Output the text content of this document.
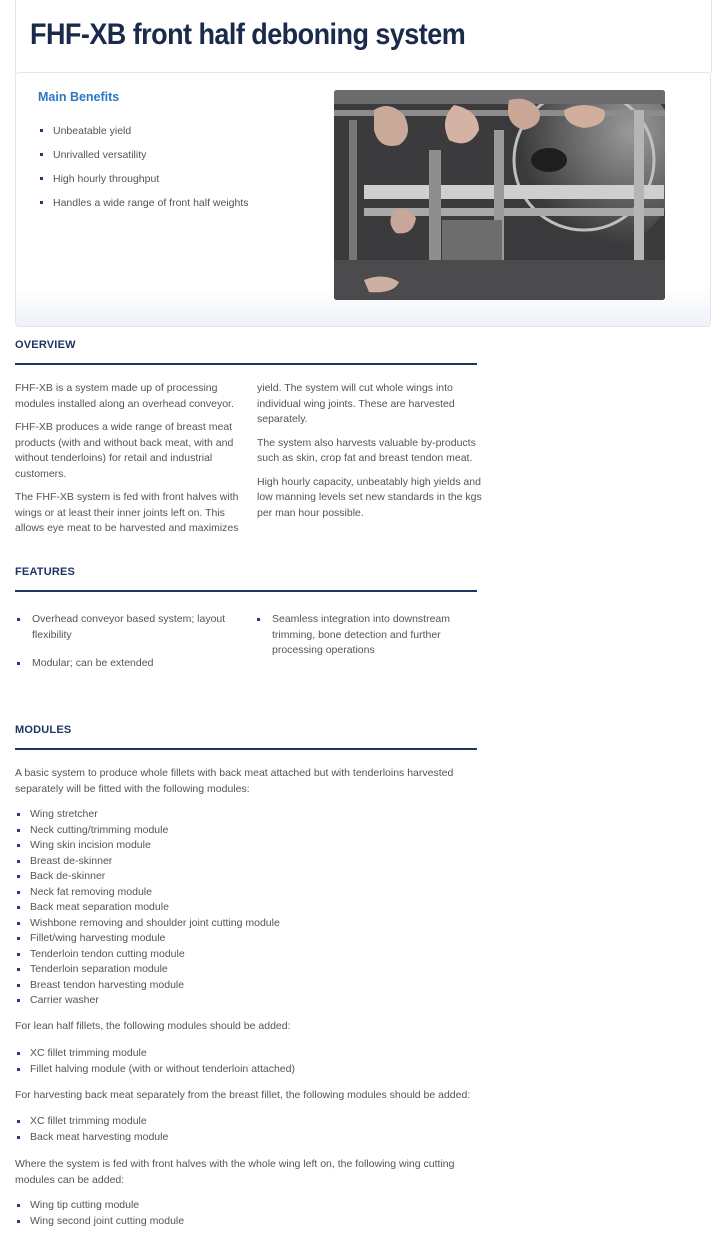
FHF-XB front half deboning system
Main Benefits
Unbeatable yield
Unrivalled versatility
High hourly throughput
Handles a wide range of front half weights
OVERVIEW

FHF-XB is a system made up of processing modules installed along an overhead conveyor.

FHF-XB produces a wide range of breast meat products (with and without back meat, with and without tenderloins) for retail and industrial customers.

The FHF-XB system is fed with front halves with wings or at least their inner joints left on. This allows eye meat to be harvested and maximizes

yield. The system will cut whole wings into individual wing joints. These are harvested separately.

The system also harvests valuable by-products such as skin, crop fat and breast tendon meat.

High hourly capacity, unbeatably high yields and low manning levels set new standards in the kgs per man hour possible.

FEATURES
Overhead conveyor based system; layout flexibility
Modular; can be extended
Seamless integration into downstream trimming, bone detection and further processing operations
MODULES

A basic system to produce whole fillets with back meat attached but with tenderloins harvested separately will be fitted with the following modules:

Wing stretcher
Neck cutting/trimming module
Wing skin incision module
Breast de-skinner
Back de-skinner
Neck fat removing module
Back meat separation module
Wishbone removing and shoulder joint cutting module
Fillet/wing harvesting module
Tenderloin tendon cutting module
Tenderloin separation module
Breast tendon harvesting module
Carrier washer

For lean half fillets, the following modules should be added:

XC fillet trimming module
Fillet halving module (with or without tenderloin attached)

For harvesting back meat separately from the breast fillet, the following modules should be added:

XC fillet trimming module
Back meat harvesting module

Where the system is fed with front halves with the whole wing left on, the following wing cutting modules can be added:

Wing tip cutting module
Wing second joint cutting module
